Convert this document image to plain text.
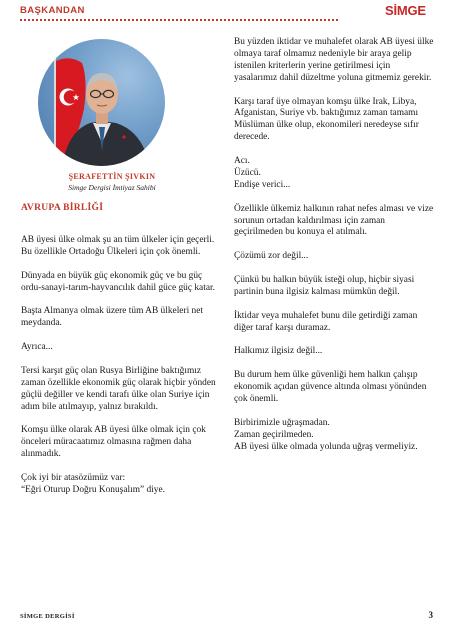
BAŞKANDAN	SİMGE
ŞERAFETTİN ŞIVKIN
Simge Dergisi İmtiyaz Sahibi
AVRUPA BİRLİĞİ

AB üyesi ülke olmak şu an tüm ülkeler için geçerli.
Bu özellikle Ortadoğu Ülkeleri için çok önemli.

Dünyada en büyük güç ekonomik güç ve bu güç ordu-sanayi-tarım-hayvancılık dahil güce güç katar.

Başta Almanya olmak üzere tüm AB ülkeleri net meydanda.

Ayrıca...

Tersi karşıt güç olan Rusya Birliğine baktığımız zaman özellikle ekonomik güç olarak hiçbir yönden güçlü değiller ve kendi tarafı ülke olan Suriye için adım bile atılmayıp, yalnız bırakıldı.

Komşu ülke olarak AB üyesi ülke olmak için çok önceleri müracaatımız olmasına rağmen daha alınmadık.

Çok iyi bir atasözümüz var:
“Eğri Oturup Doğru Konuşalım” diye.

Bu yüzden iktidar ve muhalefet olarak AB üyesi ülke olmaya taraf olmamız nedeniyle bir araya gelip istenilen kriterlerin yerine getirilmesi için yasalarımız dahil düzeltme yoluna gitmemiz gerekir.

Karşı taraf üye olmayan komşu ülke Irak, Libya, Afganistan, Suriye vb. baktığımız zaman tamamı Müslüman ülke olup, ekonomileri neredeyse sıfır derecede.

Acı.
Üzücü.
Endişe verici...

Özellikle ülkemiz halkının rahat nefes alması ve vize sorunun ortadan kaldırılması için zaman geçirilmeden bu konuya el atılmalı.

Çözümü zor değil...

Çünkü bu halkın büyük isteği olup, hiçbir siyasi partinin buna ilgisiz kalması mümkün değil.

İktidar veya muhalefet bunu dile getirdiği zaman diğer taraf karşı duramaz.

Halkımız ilgisiz değil...

Bu durum hem ülke güvenliği hem halkın çalışıp ekonomik açıdan güvence altında olması yönünden çok önemli.

Birbirimizle uğraşmadan.
Zaman geçirilmeden.
AB üyesi ülke olmada yolunda uğraş vermeliyiz.

SİMGE DERGİSİ	3
